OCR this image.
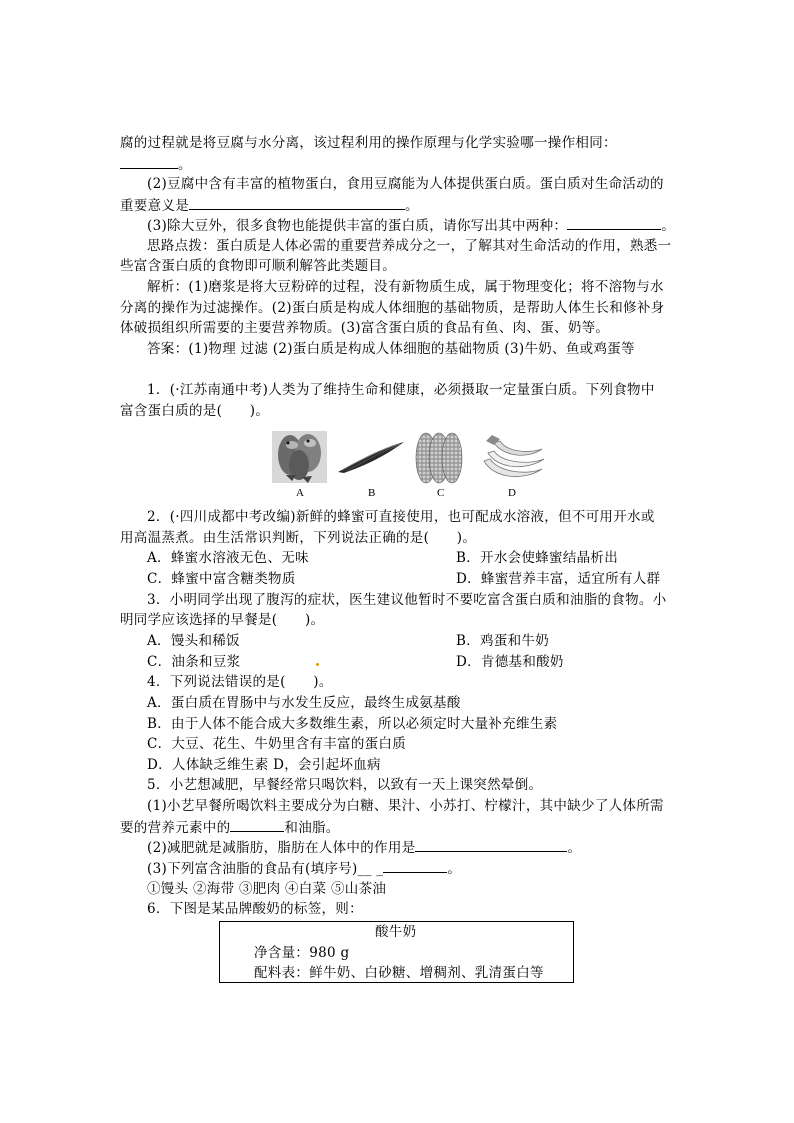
腐的过程就是将豆腐与水分离，该过程利用的操作原理与化学实验哪一操作相同：
。
(2)豆腐中含有丰富的植物蛋白，食用豆腐能为人体提供蛋白质。蛋白质对生命活动的
重要意义是	。
(3)除大豆外，很多食物也能提供丰富的蛋白质，请你写出其中两种：	。
思路点拨：蛋白质是人体必需的重要营养成分之一，了解其对生命活动的作用，熟悉一
些富含蛋白质的食物即可顺利解答此类题目。
解析：(1)磨浆是将大豆粉碎的过程，没有新物质生成，属于物理变化；将不溶物与水
分离的操作为过滤操作。(2)蛋白质是构成人体细胞的基础物质，是帮助人体生长和修补身
体破损组织所需要的主要营养物质。(3)富含蛋白质的食品有鱼、肉、蛋、奶等。
答案：(1)物理 过滤 (2)蛋白质是构成人体细胞的基础物质 (3)牛奶、鱼或鸡蛋等
1．(·江苏南通中考)人类为了维持生命和健康，必须摄取一定量蛋白质。下列食物中
富含蛋白质的是(　　)。
A	B	C	D
2．(·四川成都中考改编)新鲜的蜂蜜可直接使用，也可配成水溶液，但不可用开水或
用高温蒸煮。由生活常识判断，下列说法正确的是(　　)。
A．蜂蜜水溶液无色、无味	B．开水会使蜂蜜结晶析出
C．蜂蜜中富含糖类物质	D．蜂蜜营养丰富，适宜所有人群
3．小明同学出现了腹泻的症状，医生建议他暂时不要吃富含蛋白质和油脂的食物。小
明同学应该选择的早餐是(　　)。
A．馒头和稀饭	B．鸡蛋和牛奶
C．油条和豆浆	D．肯德基和酸奶
4．下列说法错误的是(　　)。
A．蛋白质在胃肠中与水发生反应，最终生成氨基酸
B．由于人体不能合成大多数维生素，所以必须定时大量补充维生素
C．大豆、花生、牛奶里含有丰富的蛋白质
D．人体缺乏维生素 D，会引起坏血病
5．小艺想减肥，早餐经常只喝饮料，以致有一天上课突然晕倒。
(1)小艺早餐所喝饮料主要成分为白糖、果汁、小苏打、柠檬汁，其中缺少了人体所需
要的营养元素中的	和油脂。
(2)减肥就是减脂肪，脂肪在人体中的作用是	。
(3)下列富含油脂的食品有(填序号)__ _	。
①馒头 ②海带 ③肥肉 ④白菜 ⑤山茶油
6．下图是某品牌酸奶的标签，则：
酸牛奶
净含量：980 g
配料表：鲜牛奶、白砂糖、增稠剂、乳清蛋白等
